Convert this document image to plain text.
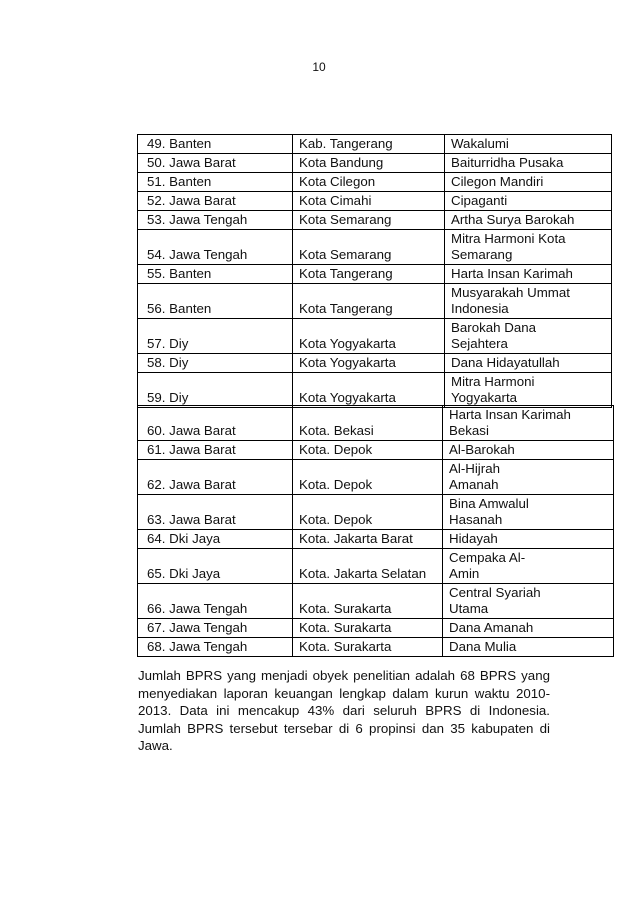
10
49. Banten	Kab. Tangerang	Wakalumi
50. Jawa Barat	Kota Bandung	Baiturridha Pusaka
51. Banten	Kota Cilegon	Cilegon Mandiri
52. Jawa Barat	Kota Cimahi	Cipaganti
53. Jawa Tengah	Kota Semarang	Artha Surya Barokah
54. Jawa Tengah	Kota Semarang	Mitra Harmoni Kota
Semarang
55. Banten	Kota Tangerang	Harta Insan Karimah
56. Banten	Kota Tangerang	Musyarakah Ummat
Indonesia
57. Diy	Kota Yogyakarta	Barokah Dana
Sejahtera
58. Diy	Kota Yogyakarta	Dana Hidayatullah
59. Diy	Kota Yogyakarta	Mitra Harmoni
Yogyakarta
60. Jawa Barat	Kota. Bekasi	Harta Insan Karimah
Bekasi
61. Jawa Barat	Kota. Depok	Al-Barokah
62. Jawa Barat	Kota. Depok	Al-Hijrah
Amanah
63. Jawa Barat	Kota. Depok	Bina Amwalul
Hasanah
64. Dki Jaya	Kota. Jakarta Barat	Hidayah
65. Dki Jaya	Kota. Jakarta Selatan	Cempaka Al-
Amin
66. Jawa Tengah	Kota. Surakarta	Central Syariah
Utama
67. Jawa Tengah	Kota. Surakarta	Dana Amanah
68. Jawa Tengah	Kota. Surakarta	Dana Mulia

Jumlah BPRS yang menjadi obyek penelitian adalah 68 BPRS yang menyediakan laporan keuangan lengkap dalam kurun waktu 2010-2013. Data ini mencakup 43% dari seluruh BPRS di Indonesia. Jumlah BPRS tersebut tersebar di 6 propinsi dan 35 kabupaten di Jawa.
